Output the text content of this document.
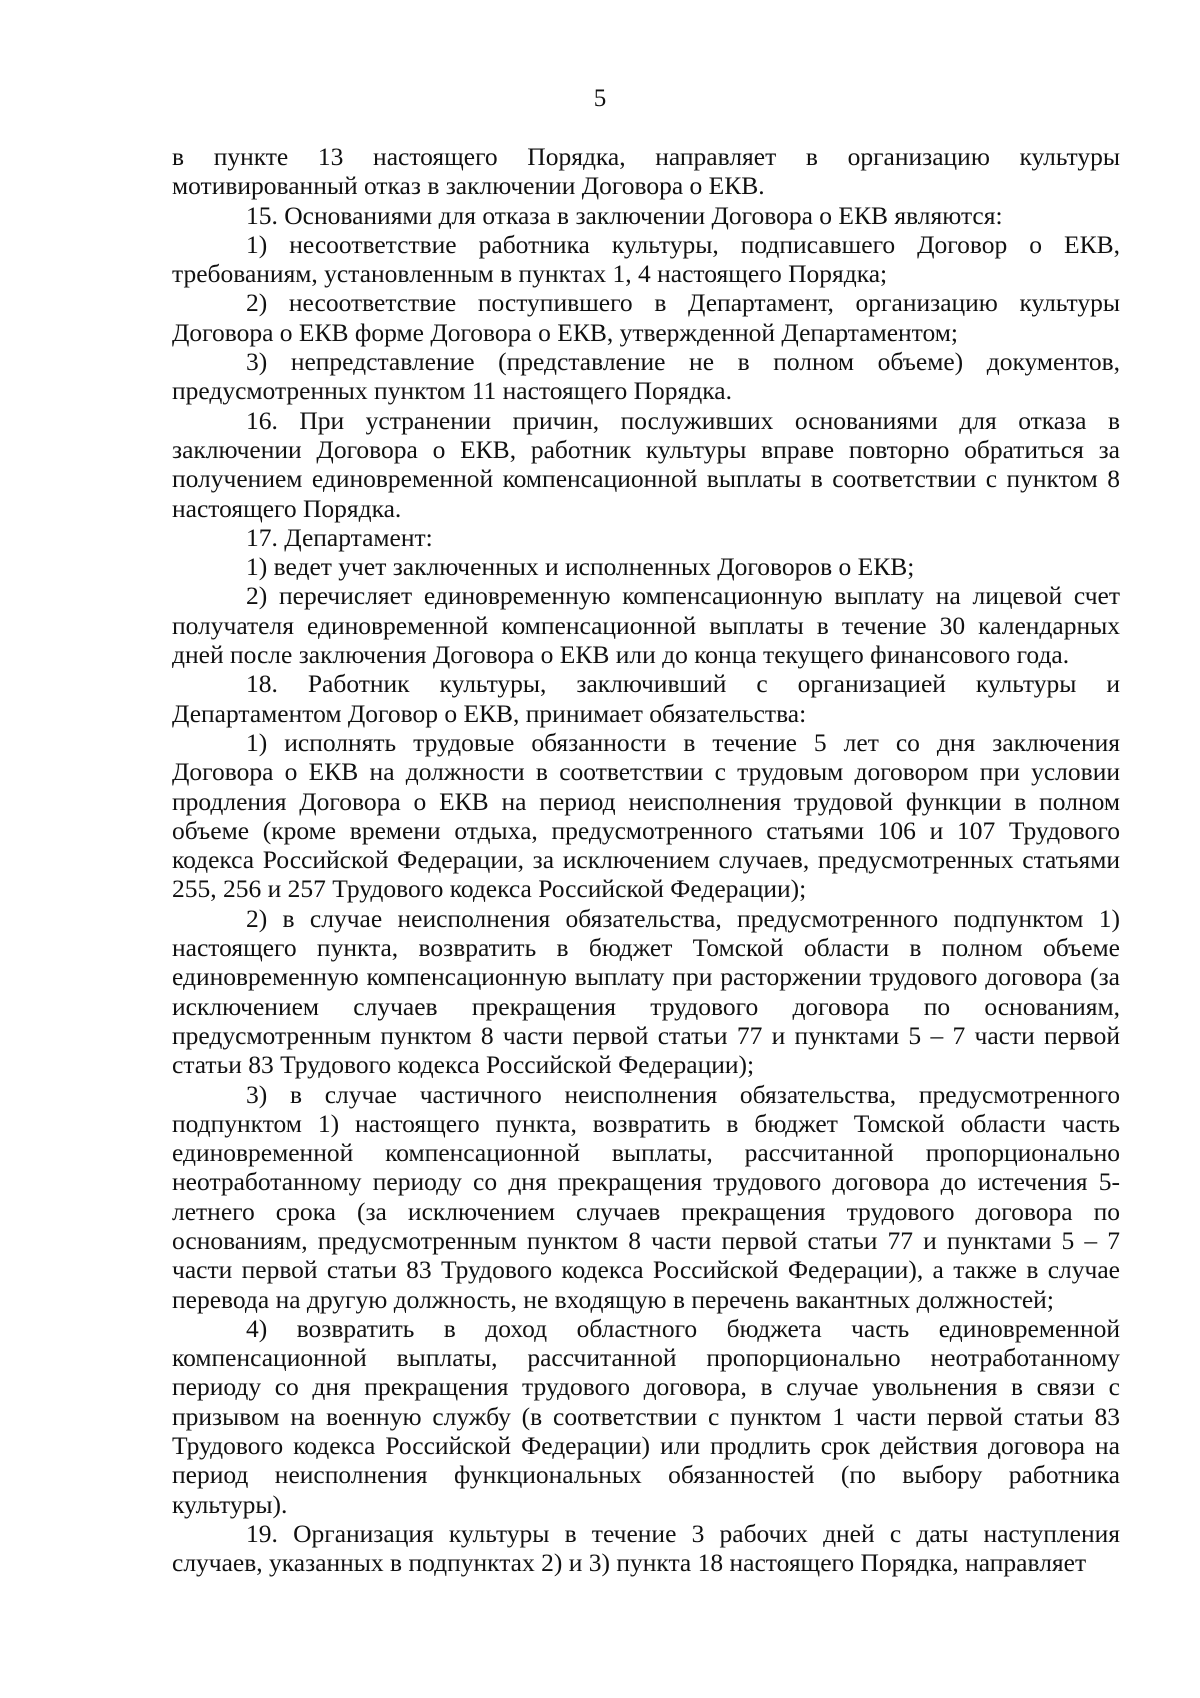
5

в пункте 13 настоящего Порядка, направляет в организацию культуры мотивированный отказ в заключении Договора о ЕКВ.

15. Основаниями для отказа в заключении Договора о ЕКВ являются:

1) несоответствие работника культуры, подписавшего Договор о ЕКВ, требованиям, установленным в пунктах 1, 4 настоящего Порядка;

2) несоответствие поступившего в Департамент, организацию культуры Договора о ЕКВ форме Договора о ЕКВ, утвержденной Департаментом;

3) непредставление (представление не в полном объеме) документов, предусмотренных пунктом 11 настоящего Порядка.

16. При устранении причин, послуживших основаниями для отказа в заключении Договора о ЕКВ, работник культуры вправе повторно обратиться за получением единовременной компенсационной выплаты в соответствии с пунктом 8 настоящего Порядка.

17. Департамент:

1) ведет учет заключенных и исполненных Договоров о ЕКВ;

2) перечисляет единовременную компенсационную выплату на лицевой счет получателя единовременной компенсационной выплаты в течение 30 календарных дней после заключения Договора о ЕКВ или до конца текущего финансового года.

18. Работник культуры, заключивший с организацией культуры и Департаментом Договор о ЕКВ, принимает обязательства:

1) исполнять трудовые обязанности в течение 5 лет со дня заключения Договора о ЕКВ на должности в соответствии с трудовым договором при условии продления Договора о ЕКВ на период неисполнения трудовой функции в полном объеме (кроме времени отдыха, предусмотренного статьями 106 и 107 Трудового кодекса Российской Федерации, за исключением случаев, предусмотренных статьями 255, 256 и 257 Трудового кодекса Российской Федерации);

2) в случае неисполнения обязательства, предусмотренного подпунктом 1) настоящего пункта, возвратить в бюджет Томской области в полном объеме единовременную компенсационную выплату при расторжении трудового договора (за исключением случаев прекращения трудового договора по основаниям, предусмотренным пунктом 8 части первой статьи 77 и пунктами 5 – 7 части первой статьи 83 Трудового кодекса Российской Федерации);

3) в случае частичного неисполнения обязательства, предусмотренного подпунктом 1) настоящего пункта, возвратить в бюджет Томской области часть единовременной компенсационной выплаты, рассчитанной пропорционально неотработанному периоду со дня прекращения трудового договора до истечения 5-летнего срока (за исключением случаев прекращения трудового договора по основаниям, предусмотренным пунктом 8 части первой статьи 77 и пунктами 5 – 7 части первой статьи 83 Трудового кодекса Российской Федерации), а также в случае перевода на другую должность, не входящую в перечень вакантных должностей;

4) возвратить в доход областного бюджета часть единовременной компенсационной выплаты, рассчитанной пропорционально неотработанному периоду со дня прекращения трудового договора, в случае увольнения в связи с призывом на военную службу (в соответствии с пунктом 1 части первой статьи 83 Трудового кодекса Российской Федерации) или продлить срок действия договора на период неисполнения функциональных обязанностей (по выбору работника культуры).

19. Организация культуры в течение 3 рабочих дней с даты наступления случаев, указанных в подпунктах 2) и 3) пункта 18 настоящего Порядка, направляет
